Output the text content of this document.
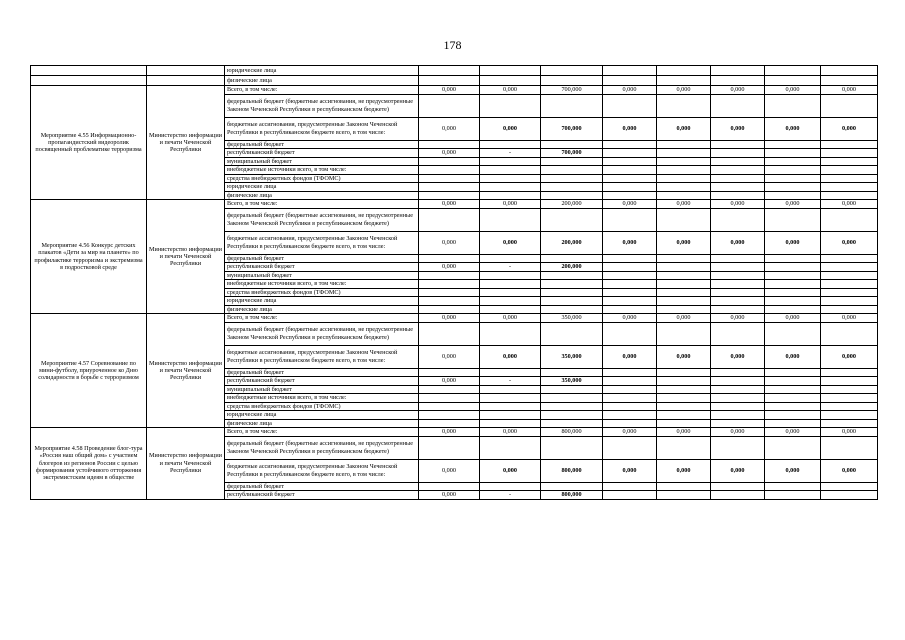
178
		юридические лица								
		физические лица								
Мероприятие 4.55 Информационно-пропагандистский видеоролик посвященный проблематике терроризма	Министерство информации и печати Чеченской Республики	Всего, в том числе:	0,000	0,000	700,000	0,000	0,000	0,000	0,000	0,000
		федеральный бюджет (бюджетные ассигнования, не предусмотренные Законом Чеченской Республики в республиканском бюджете)								
		бюджетные ассигнования, предусмотренные Законом Чеченской Республики в республиканском бюджете всего, в том числе:	0,000	0,000	700,000	0,000	0,000	0,000	0,000	0,000
		федеральный бюджет								
		республиканский бюджет	0,000	-	700,000					
		муниципальный бюджет								
		внебюджетные источники всего, в том числе:								
		средства внебюджетных фондов (ТФОМС)								
		юридические лица								
		физические лица								
Мероприятие 4.56 Конкурс детских плакатов «Дети за мир на планете» по профилактике терроризма и экстремизма в подростковой среде	Министерство информации и печати Чеченской Республики	Всего, в том числе:	0,000	0,000	200,000	0,000	0,000	0,000	0,000	0,000
		федеральный бюджет (бюджетные ассигнования, не предусмотренные Законом Чеченской Республики в республиканском бюджете)								
		бюджетные ассигнования, предусмотренные Законом Чеченской Республики в республиканском бюджете всего, в том числе:	0,000	0,000	200,000	0,000	0,000	0,000	0,000	0,000
		федеральный бюджет								
		республиканский бюджет	0,000	-	200,000					
		муниципальный бюджет								
		внебюджетные источники всего, в том числе:								
		средства внебюджетных фондов (ТФОМС)								
		юридические лица								
		физические лица								
Мероприятие 4.57 Соревнование по мини-футболу, приуроченное ко Дню солидарности в борьбе с терроризмом	Министерство информации и печати Чеченской Республики	Всего, в том числе:	0,000	0,000	350,000	0,000	0,000	0,000	0,000	0,000
		федеральный бюджет (бюджетные ассигнования, не предусмотренные Законом Чеченской Республики в республиканском бюджете)								
		бюджетные ассигнования, предусмотренные Законом Чеченской Республики в республиканском бюджете всего, в том числе:	0,000	0,000	350,000	0,000	0,000	0,000	0,000	0,000
		федеральный бюджет								
		республиканский бюджет	0,000	-	350,000					
		муниципальный бюджет								
		внебюджетные источники всего, в том числе:								
		средства внебюджетных фондов (ТФОМС)								
		юридические лица								
		физические лица								
Мероприятие 4.58 Проведение блог-тура «Россия наш общий дом» с участием блогеров из регионов России с целью формирования устойчивого отторжения экстремистским идеям в обществе	Министерство информации и печати Чеченской Республики	Всего, в том числе:	0,000	0,000	800,000	0,000	0,000	0,000	0,000	0,000
		федеральный бюджет (бюджетные ассигнования, не предусмотренные Законом Чеченской Республики в республиканском бюджете)								
		бюджетные ассигнования, предусмотренные Законом Чеченской Республики в республиканском бюджете всего, в том числе:	0,000	0,000	800,000	0,000	0,000	0,000	0,000	0,000
		федеральный бюджет								
		республиканский бюджет	0,000	-	800,000					
